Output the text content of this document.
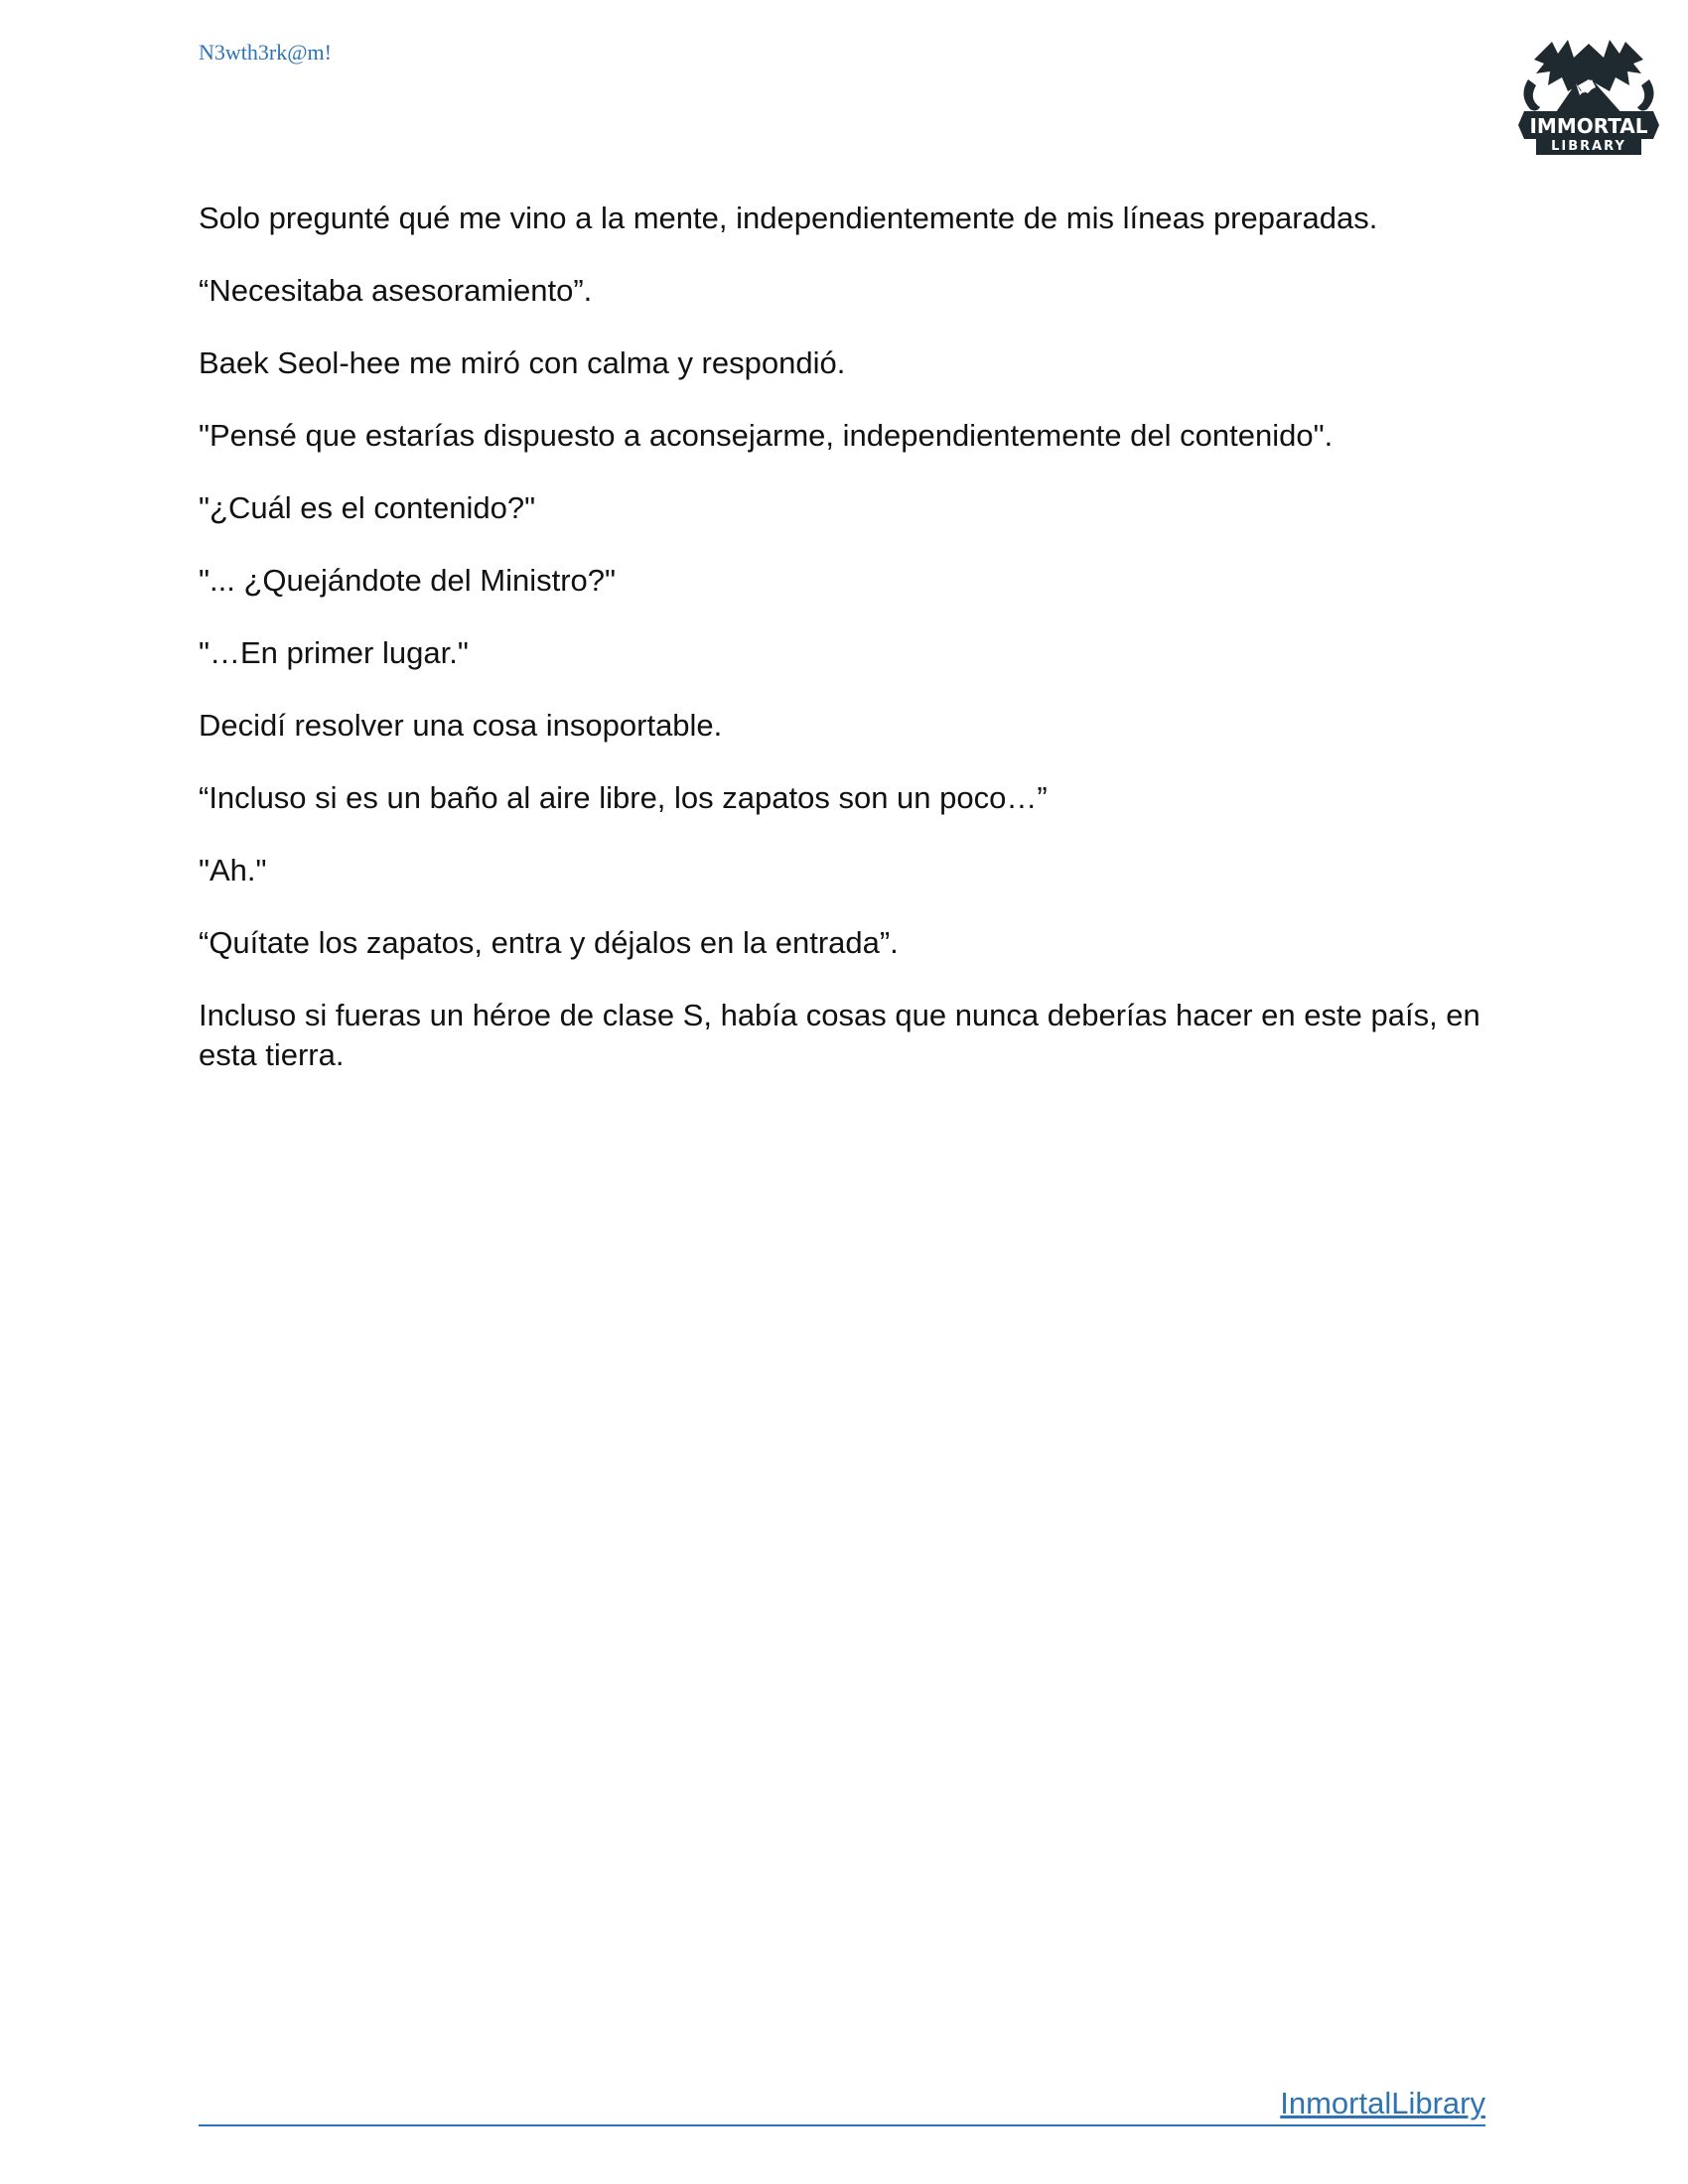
N3wth3rk@m!
IMMORTAL
LIBRARY

Solo pregunté qué me vino a la mente, independientemente de mis líneas preparadas.

“Necesitaba asesoramiento”.

Baek Seol-hee me miró con calma y respondió.

"Pensé que estarías dispuesto a aconsejarme, independientemente del contenido".

"¿Cuál es el contenido?"

"... ¿Quejándote del Ministro?"

"…En primer lugar."

Decidí resolver una cosa insoportable.

“Incluso si es un baño al aire libre, los zapatos son un poco…”

"Ah."

“Quítate los zapatos, entra y déjalos en la entrada”.

Incluso si fueras un héroe de clase S, había cosas que nunca deberías hacer en este país, en esta tierra.

InmortalLibrary
